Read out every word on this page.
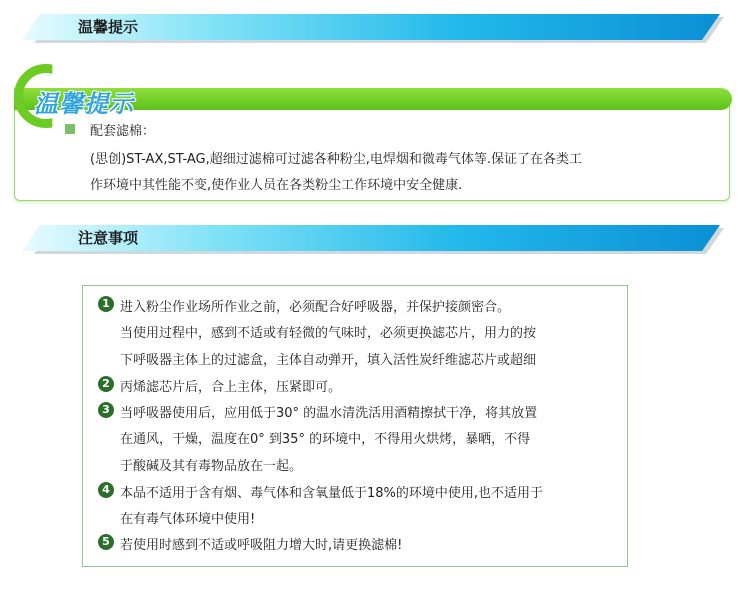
温馨提示
温馨提示
配套滤棉：
(思创)ST-AX,ST-AG,超细过滤棉可过滤各种粉尘,电焊烟和微毒气体等.保证了在各类工
作环境中其性能不变,使作业人员在各类粉尘工作环境中安全健康.
注意事项
1 进入粉尘作业场所作业之前，必须配合好呼吸器，并保护接颜密合。
当使用过程中，感到不适或有轻微的气味时，必须更换滤芯片，用力的按
下呼吸器主体上的过滤盒，主体自动弹开，填入活性炭纤维滤芯片或超细
2 丙烯滤芯片后，合上主体，压紧即可。
3 当呼吸器使用后，应用低于30° 的温水清洗活用酒精擦拭干净，将其放置
在通风，干燥，温度在0° 到35° 的环境中，不得用火烘烤，暴晒，不得
于酸碱及其有毒物品放在一起。
4 本品不适用于含有烟、毒气体和含氧量低于18%的环境中使用,也不适用于
在有毒气体环境中使用!
5 若使用时感到不适或呼吸阻力增大时,请更换滤棉!
